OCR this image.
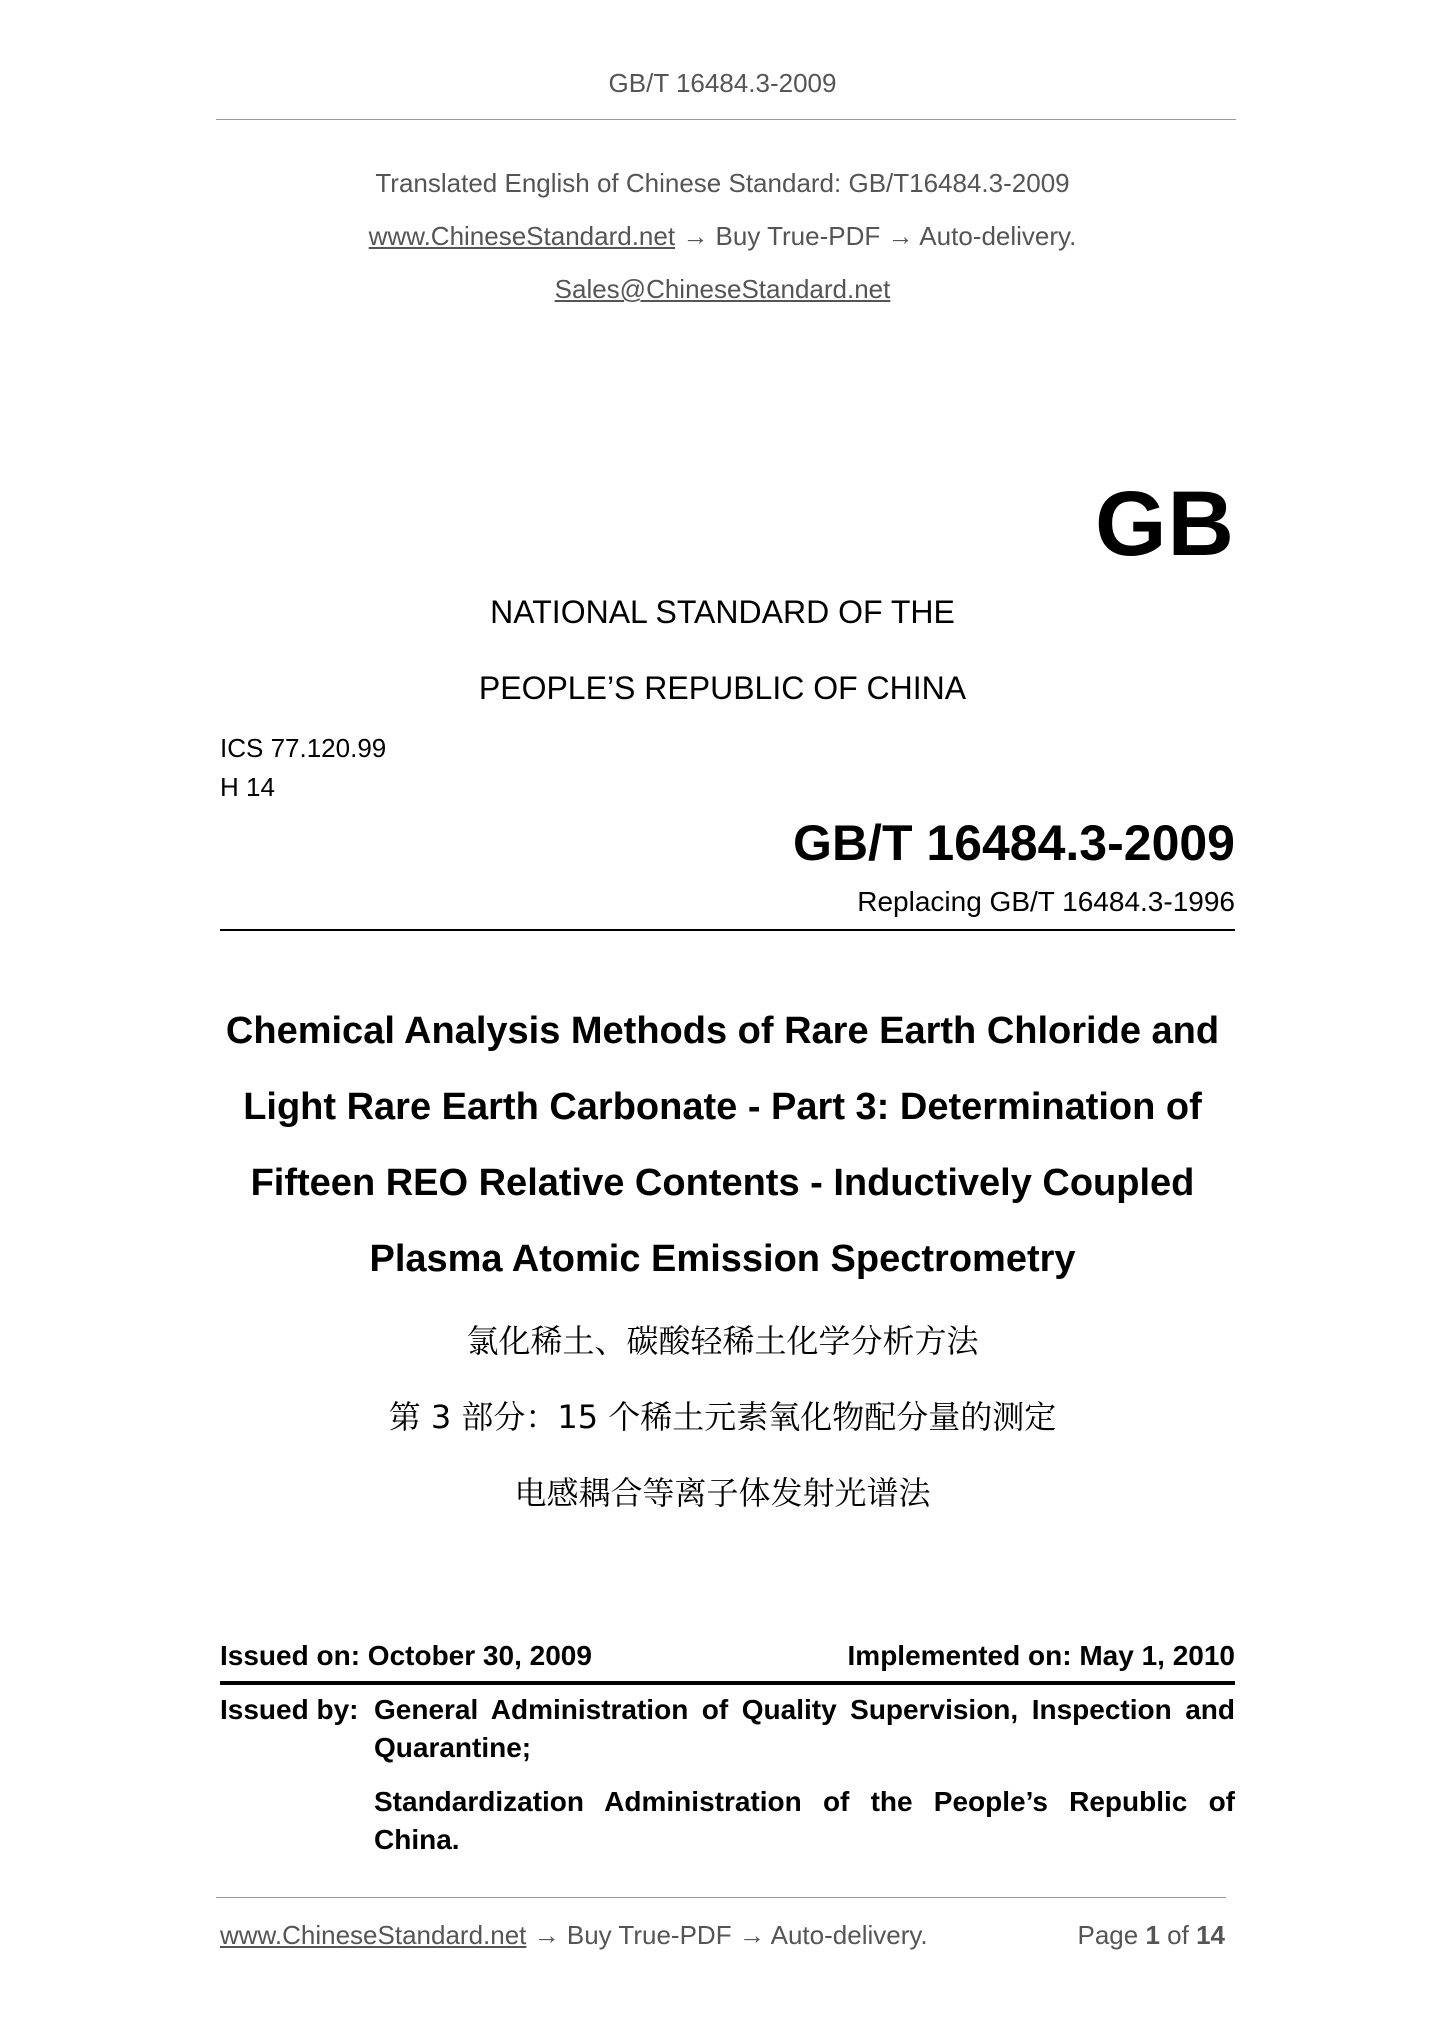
GB/T 16484.3-2009
Translated English of Chinese Standard: GB/T16484.3-2009
www.ChineseStandard.net → Buy True-PDF → Auto-delivery.
Sales@ChineseStandard.net
GB
NATIONAL STANDARD OF THE
PEOPLE’S REPUBLIC OF CHINA
ICS 77.120.99
H 14
GB/T 16484.3-2009
Replacing GB/T 16484.3-1996
Chemical Analysis Methods of Rare Earth Chloride and
Light Rare Earth Carbonate - Part 3: Determination of
Fifteen REO Relative Contents - Inductively Coupled
Plasma Atomic Emission Spectrometry
氯化稀土、碳酸轻稀土化学分析方法
第 3 部分：15 个稀土元素氧化物配分量的测定
电感耦合等离子体发射光谱法
Issued on: October 30, 2009	Implemented on: May 1, 2010
Issued by: General Administration of Quality Supervision, Inspection and
Quarantine;
Standardization Administration of the People’s Republic of
China.
www.ChineseStandard.net → Buy True-PDF → Auto-delivery.	Page 1 of 14
